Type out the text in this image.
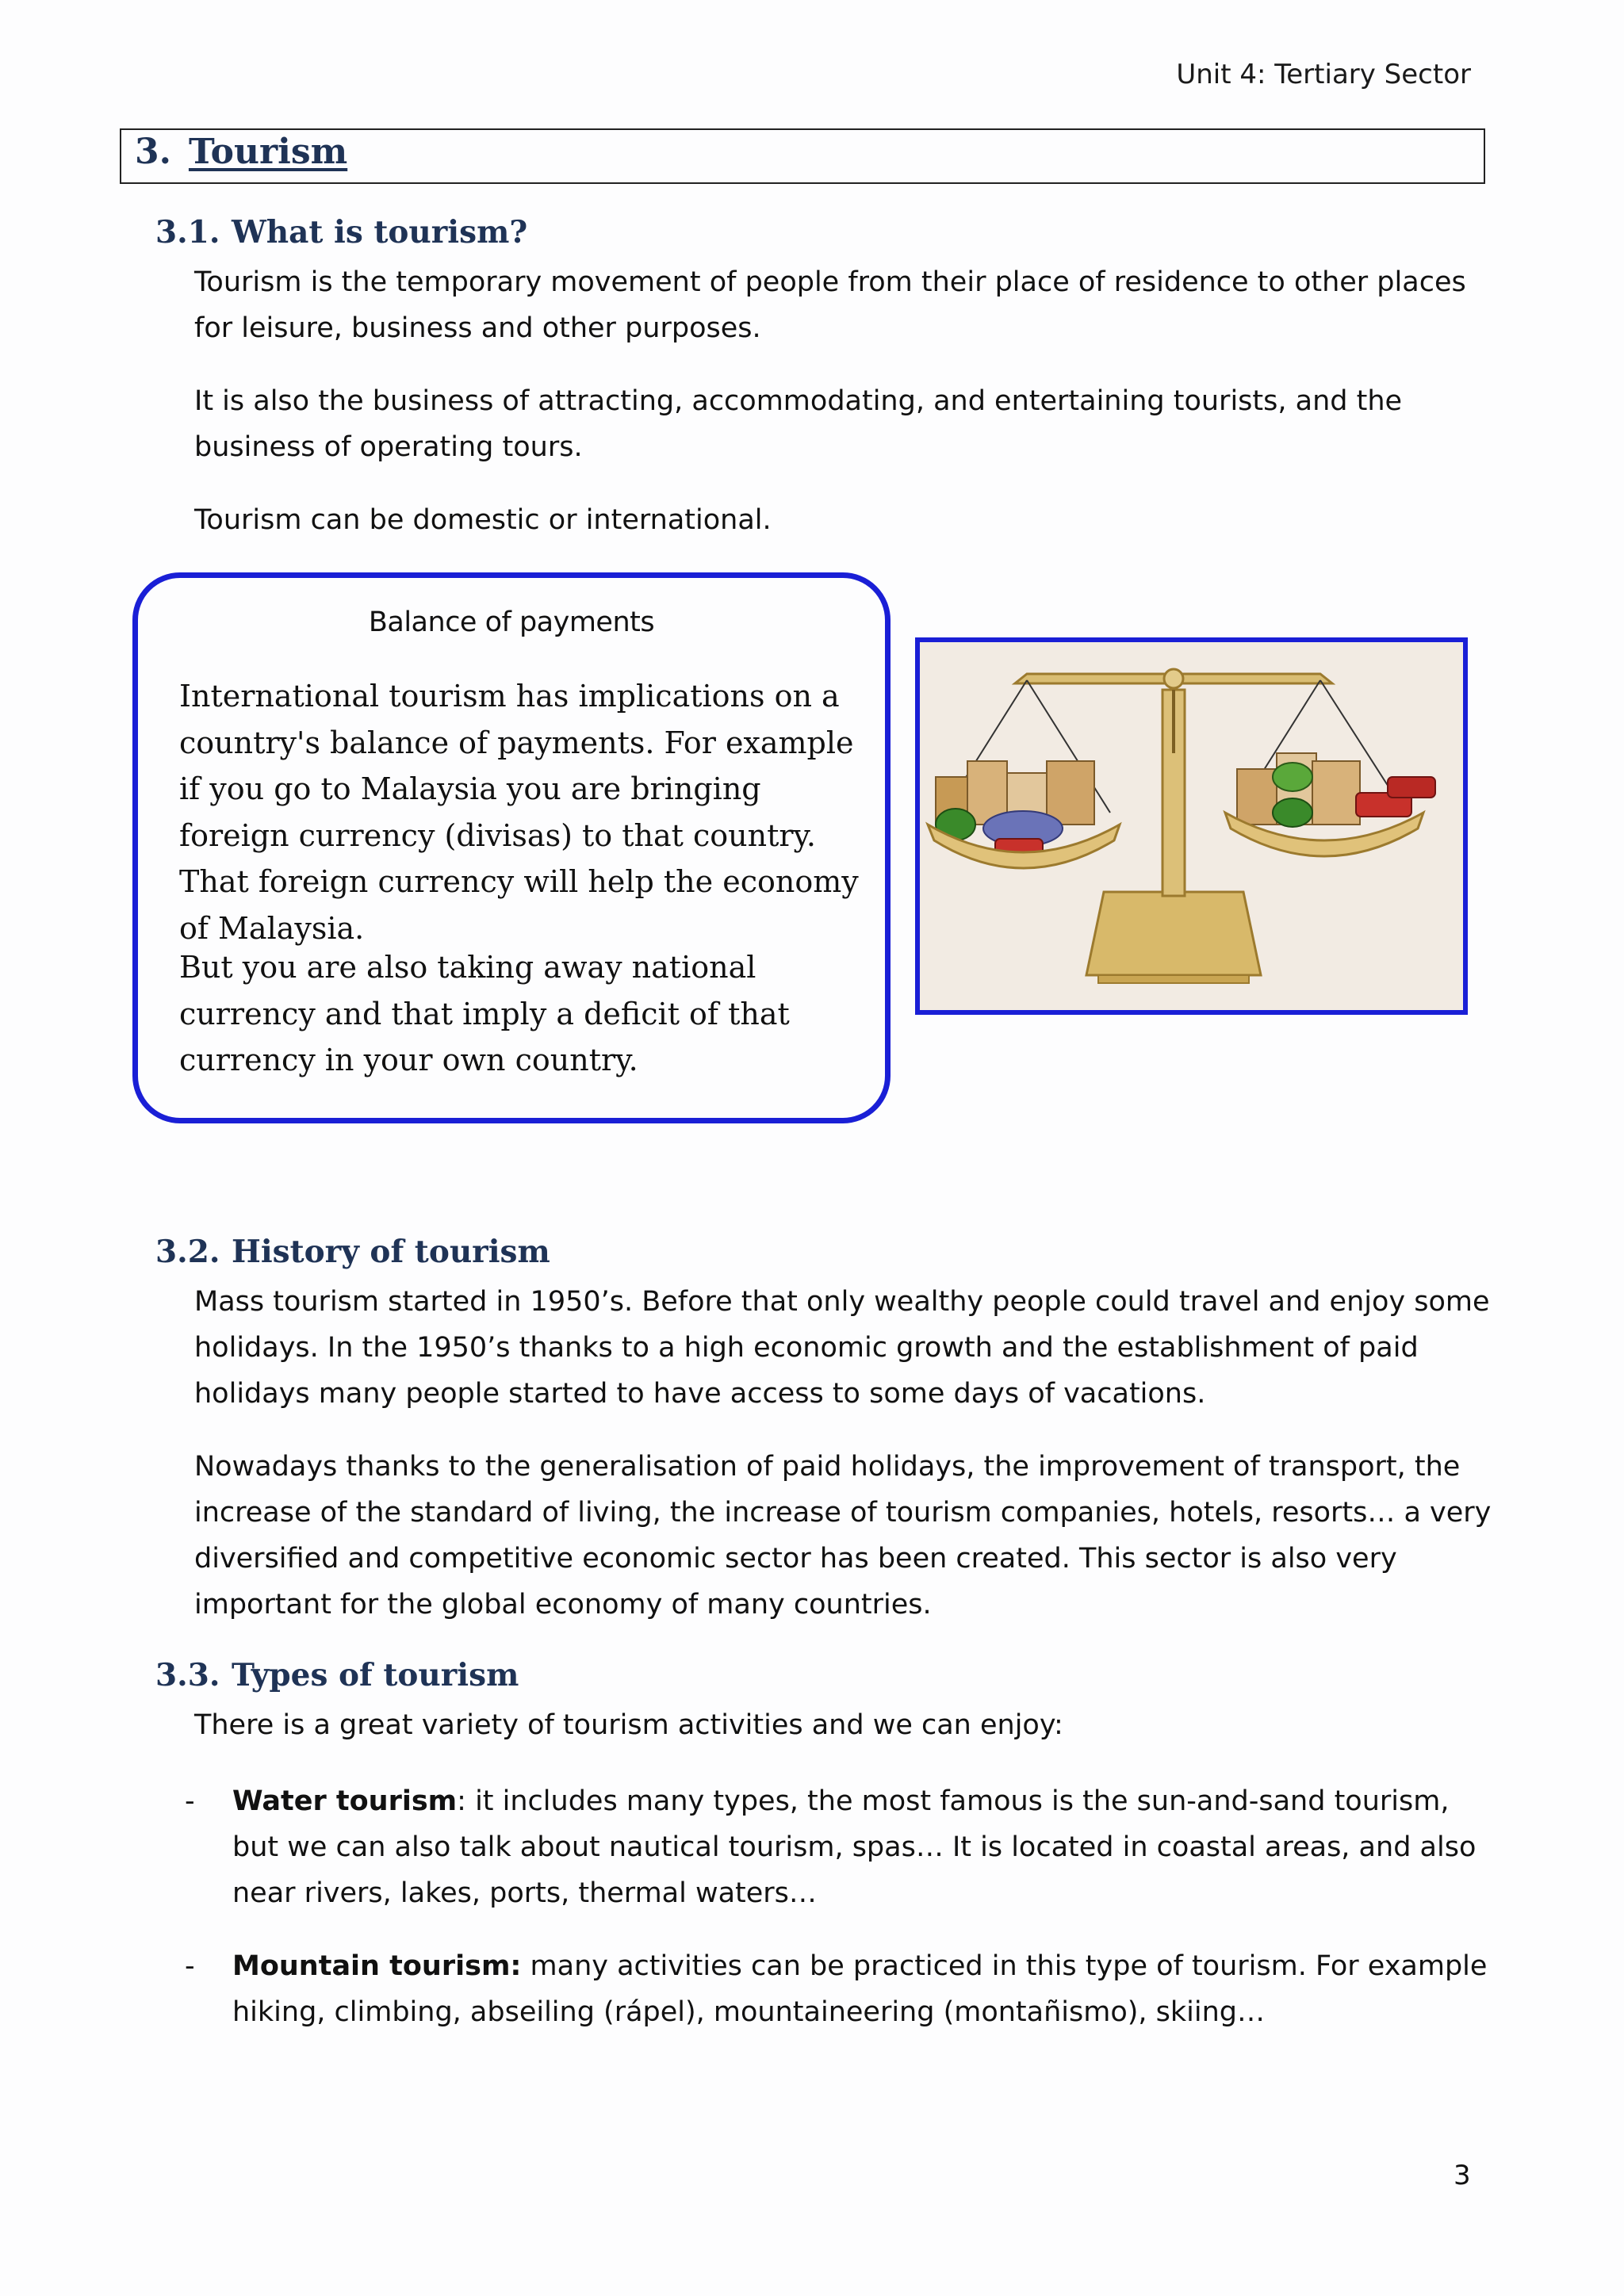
Unit 4: Tertiary Sector
3. Tourism
3.1. What is tourism?

Tourism is the temporary movement of people from their place of residence to other places for leisure, business and other purposes.

It is also the business of attracting, accommodating, and entertaining tourists, and the business of operating tours.

Tourism can be domestic or international.

Balance of payments

International tourism has implications on a country's balance of payments. For example if you go to Malaysia you are bringing foreign currency (divisas) to that country. That foreign currency will help the economy of Malaysia.

But you are also taking away national currency and that imply a deficit of that currency in your own country.

3.2. History of tourism

Mass tourism started in 1950’s. Before that only wealthy people could travel and enjoy some holidays. In the 1950’s thanks to a high economic growth and the establishment of paid holidays many people started to have access to some days of vacations.

Nowadays thanks to the generalisation of paid holidays, the improvement of transport, the increase of the standard of living, the increase of tourism companies, hotels, resorts… a very diversified and competitive economic sector has been created. This sector is also very important for the global economy of many countries.

3.3. Types of tourism

There is a great variety of tourism activities and we can enjoy:

- Water tourism: it includes many types, the most famous is the sun-and-sand tourism, but we can also talk about nautical tourism, spas… It is located in coastal areas, and also near rivers, lakes, ports, thermal waters…

- Mountain tourism: many activities can be practiced in this type of tourism. For example hiking, climbing, abseiling (rápel), mountaineering (montañismo), skiing…

3
